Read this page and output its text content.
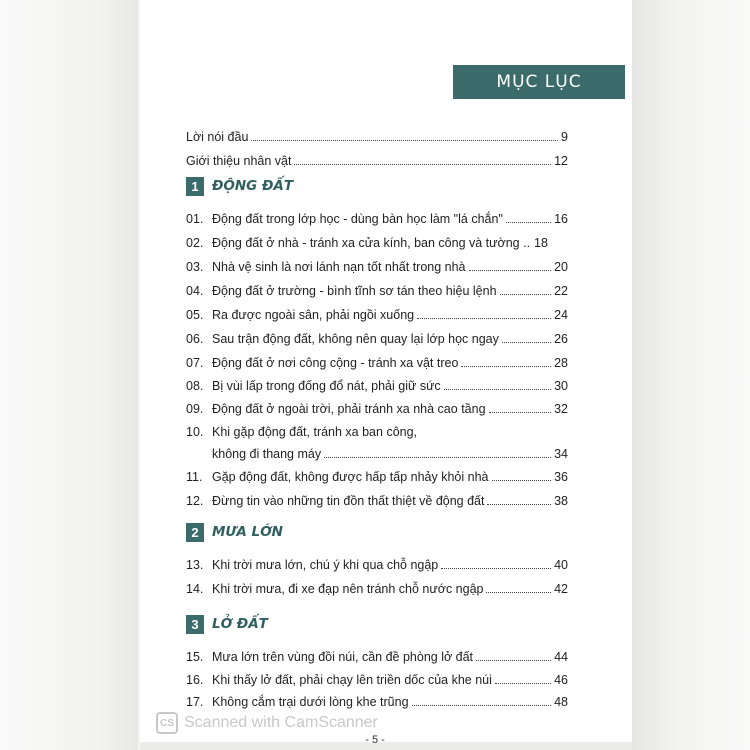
MỤC LỤC
Lời nói đầu	9
Giới thiệu nhân vật	12
1 ĐỘNG ĐẤT
01. Động đất trong lớp học - dùng bàn học làm "lá chắn"	16
02. Động đất ở nhà - tránh xa cửa kính, ban công và tường .. 18
03. Nhà vệ sinh là nơi lánh nạn tốt nhất trong nhà	20
04. Động đất ở trường - bình tĩnh sơ tán theo hiệu lệnh	22
05. Ra được ngoài sân, phải ngồi xuống	24
06. Sau trận động đất, không nên quay lại lớp học ngay	26
07. Động đất ở nơi công cộng - tránh xa vật treo	28
08. Bị vùi lấp trong đống đổ nát, phải giữ sức	30
09. Động đất ở ngoài trời, phải tránh xa nhà cao tầng	32
10. Khi gặp động đất, tránh xa ban công,
không đi thang máy	34
11. Gặp động đất, không được hấp tấp nhảy khỏi nhà	36
12. Đừng tin vào những tin đồn thất thiệt về động đất	38
2 MƯA LỚN
13. Khi trời mưa lớn, chú ý khi qua chỗ ngập	40
14. Khi trời mưa, đi xe đạp nên tránh chỗ nước ngập	42
3 LỞ ĐẤT
15. Mưa lớn trên vùng đồi núi, cần đề phòng lở đất	44
16. Khi thấy lở đất, phải chạy lên triền dốc của khe núi	46
17. Không cắm trại dưới lòng khe trũng	48
CS Scanned with CamScanner
- 5 -
